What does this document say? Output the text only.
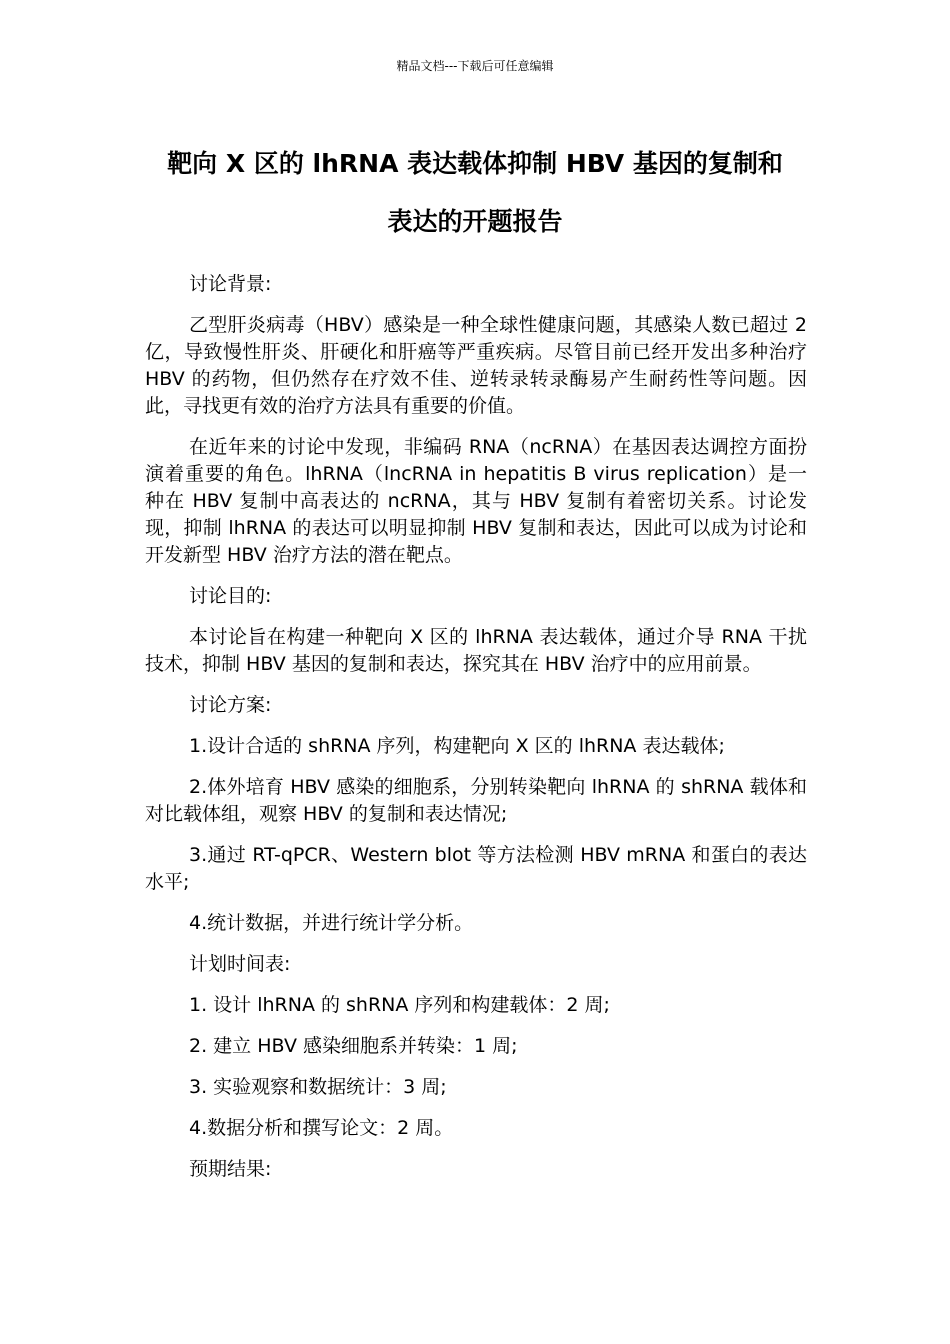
精品文档---下载后可任意编辑
靶向 X 区的 lhRNA 表达载体抑制 HBV 基因的复制和
表达的开题报告

讨论背景:

乙型肝炎病毒（HBV）感染是一种全球性健康问题，其感染人数已超过 2 亿，导致慢性肝炎、肝硬化和肝癌等严重疾病。尽管目前已经开发出多种治疗 HBV 的药物，但仍然存在疗效不佳、逆转录转录酶易产生耐药性等问题。因此，寻找更有效的治疗方法具有重要的价值。

在近年来的讨论中发现，非编码 RNA（ncRNA）在基因表达调控方面扮演着重要的角色。lhRNA（lncRNA in hepatitis B virus replication）是一种在 HBV 复制中高表达的 ncRNA，其与 HBV 复制有着密切关系。讨论发现，抑制 lhRNA 的表达可以明显抑制 HBV 复制和表达，因此可以成为讨论和开发新型 HBV 治疗方法的潜在靶点。

讨论目的:

本讨论旨在构建一种靶向 X 区的 lhRNA 表达载体，通过介导 RNA 干扰技术，抑制 HBV 基因的复制和表达，探究其在 HBV 治疗中的应用前景。

讨论方案:

1.设计合适的 shRNA 序列，构建靶向 X 区的 lhRNA 表达载体;

2.体外培育 HBV 感染的细胞系，分别转染靶向 lhRNA 的 shRNA 载体和对比载体组，观察 HBV 的复制和表达情况;

3.通过 RT-qPCR、Western blot 等方法检测 HBV mRNA 和蛋白的表达水平;

4.统计数据，并进行统计学分析。

计划时间表:

1. 设计 lhRNA 的 shRNA 序列和构建载体：2 周;

2. 建立 HBV 感染细胞系并转染：1 周;

3. 实验观察和数据统计：3 周;

4.数据分析和撰写论文：2 周。

预期结果:
